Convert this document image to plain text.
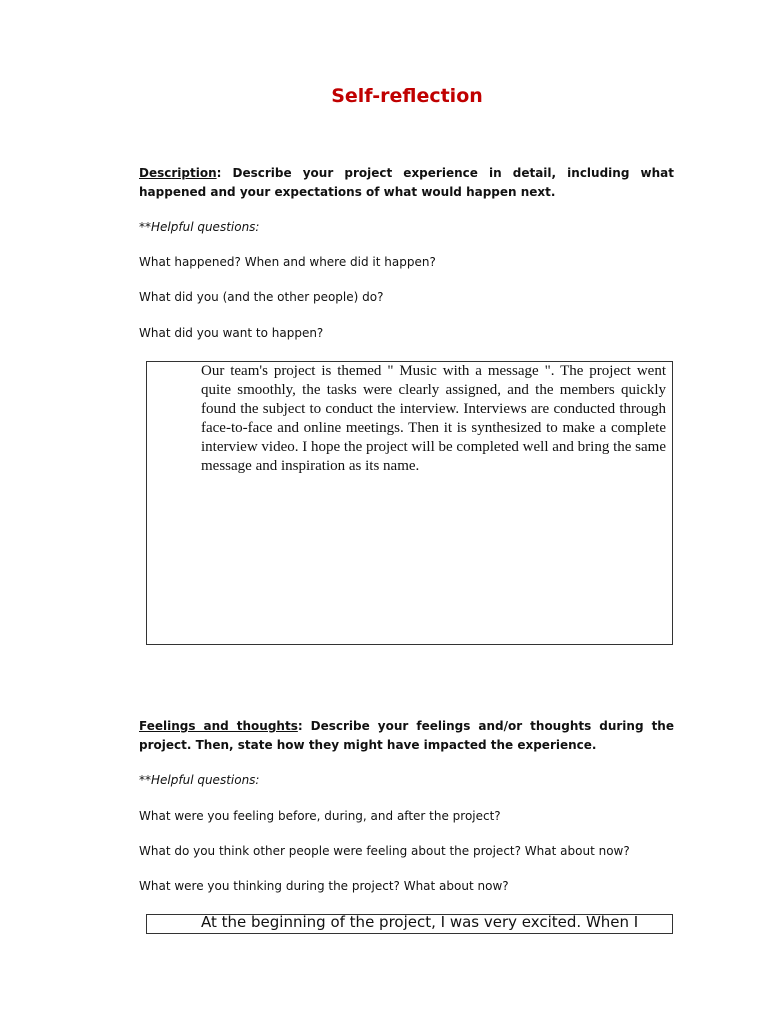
Self-reflection
Description: Describe your project experience in detail, including what happened and your expectations of what would happen next.
**Helpful questions:
What happened? When and where did it happen?
What did you (and the other people) do?
What did you want to happen?
Our team's project is themed " Music with a message ". The project went quite smoothly, the tasks were clearly assigned, and the members quickly found the subject to conduct the interview. Interviews are conducted through face-to-face and online meetings. Then it is synthesized to make a complete interview video. I hope the project will be completed well and bring the same message and inspiration as its name.
Feelings and thoughts: Describe your feelings and/or thoughts during the project. Then, state how they might have impacted the experience.
**Helpful questions:
What were you feeling before, during, and after the project?
What do you think other people were feeling about the project? What about now?
What were you thinking during the project? What about now?
At the beginning of the project, I was very excited. When I
